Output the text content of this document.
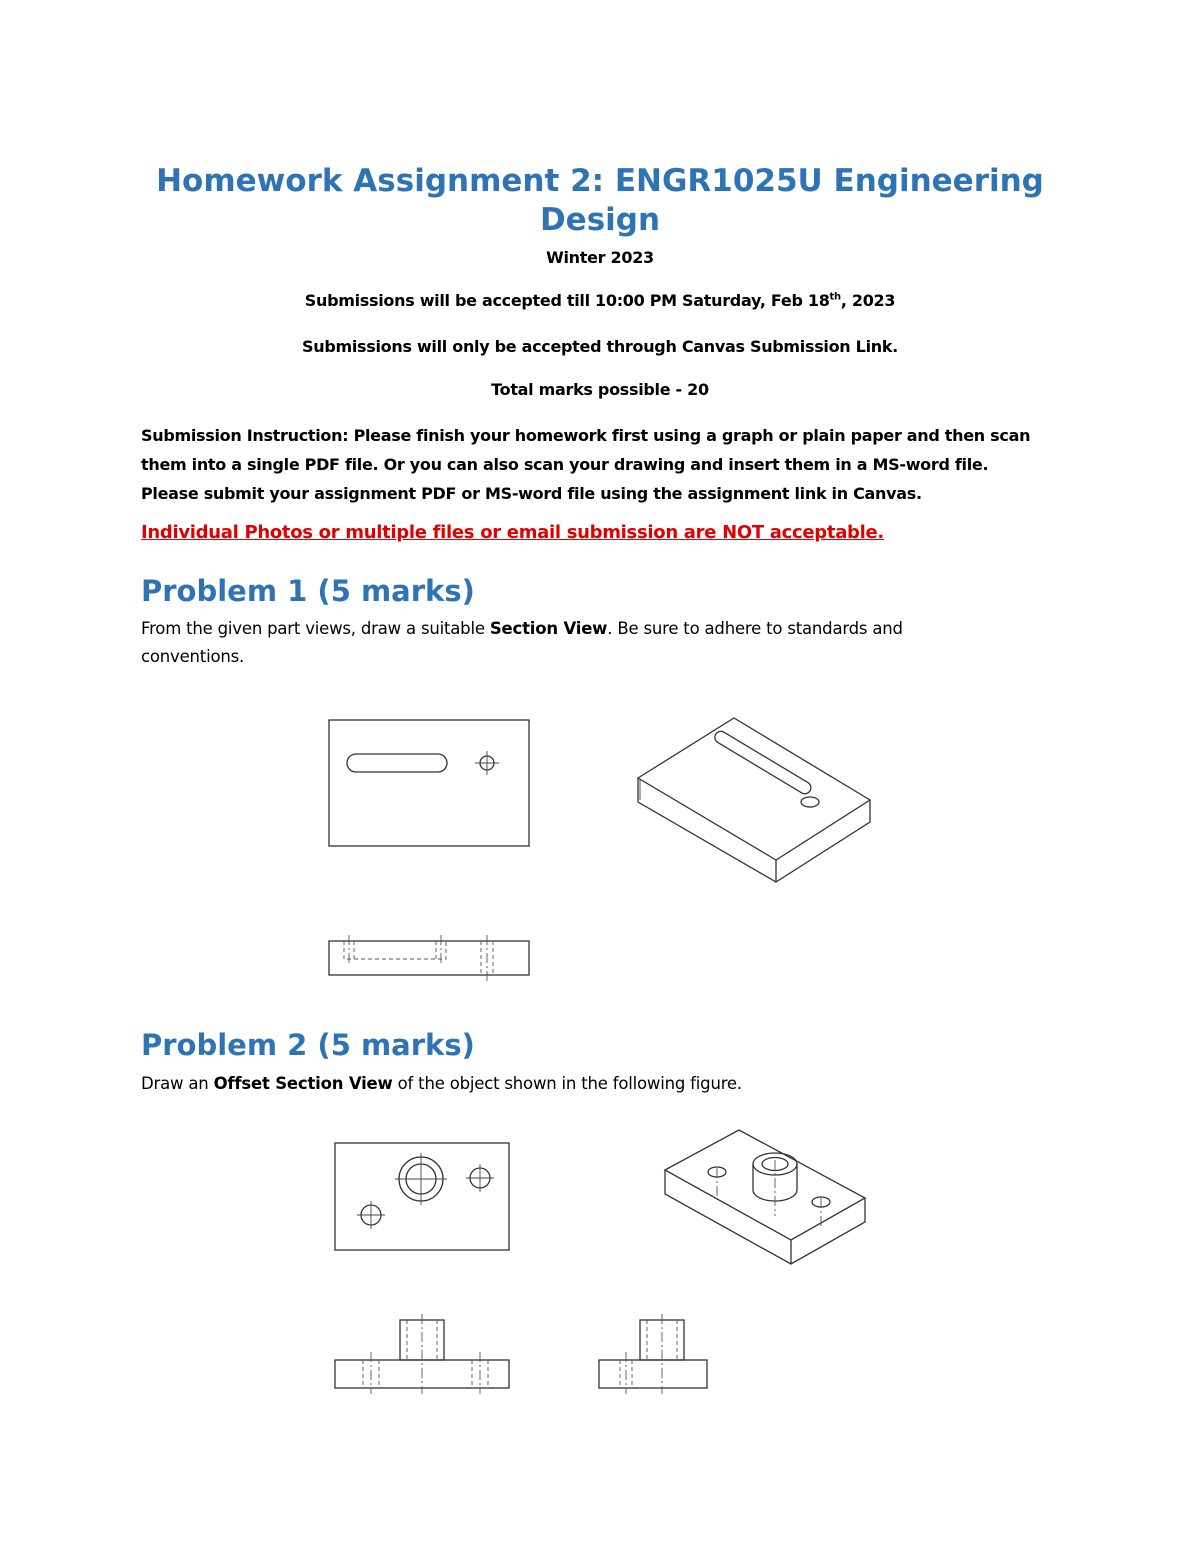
Homework Assignment 2: ENGR1025U Engineering
Design
Winter 2023
Submissions will be accepted till 10:00 PM Saturday, Feb 18th, 2023
Submissions will only be accepted through Canvas Submission Link.
Total marks possible - 20
Submission Instruction: Please finish your homework first using a graph or plain paper and then scan
them into a single PDF file. Or you can also scan your drawing and insert them in a MS-word file.
Please submit your assignment PDF or MS-word file using the assignment link in Canvas.
Individual Photos or multiple files or email submission are NOT acceptable.
Problem 1 (5 marks)
From the given part views, draw a suitable Section View. Be sure to adhere to standards and
conventions.
Problem 2 (5 marks)
Draw an Offset Section View of the object shown in the following figure.
